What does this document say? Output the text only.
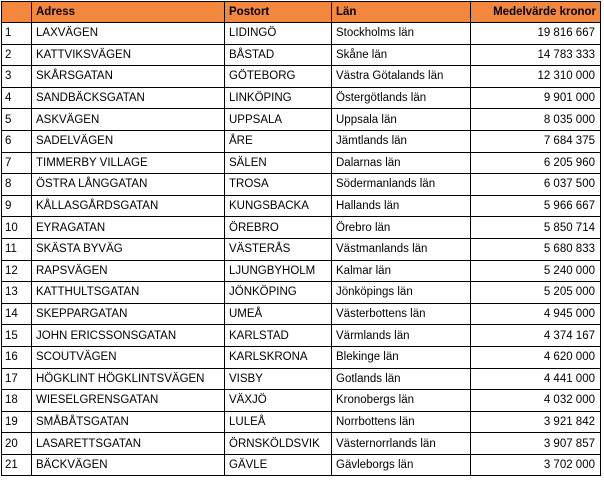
	Adress	Postort	Län	Medelvärde kronor
1	LAXVÄGEN	LIDINGÖ	Stockholms län	19 816 667
2	KATTVIKSVÄGEN	BÅSTAD	Skåne län	14 783 333
3	SKÅRSGATAN	GÖTEBORG	Västra Götalands län	12 310 000
4	SANDBÄCKSGATAN	LINKÖPING	Östergötlands län	9 901 000
5	ASKVÄGEN	UPPSALA	Uppsala län	8 035 000
6	SADELVÄGEN	ÅRE	Jämtlands län	7 684 375
7	TIMMERBY VILLAGE	SÄLEN	Dalarnas län	6 205 960
8	ÖSTRA LÅNGGATAN	TROSA	Södermanlands län	6 037 500
9	KÅLLASGÅRDSGATAN	KUNGSBACKA	Hallands län	5 966 667
10	EYRAGATAN	ÖREBRO	Örebro län	5 850 714
11	SKÄSTA BYVÄG	VÄSTERÅS	Västmanlands län	5 680 833
12	RAPSVÄGEN	LJUNGBYHOLM	Kalmar län	5 240 000
13	KATTHULTSGATAN	JÖNKÖPING	Jönköpings län	5 205 000
14	SKEPPARGATAN	UMEÅ	Västerbottens län	4 945 000
15	JOHN ERICSSONSGATAN	KARLSTAD	Värmlands län	4 374 167
16	SCOUTVÄGEN	KARLSKRONA	Blekinge län	4 620 000
17	HÖGKLINT HÖGKLINTSVÄGEN	VISBY	Gotlands län	4 441 000
18	WIESELGRENSGATAN	VÄXJÖ	Kronobergs län	4 032 000
19	SMÅBÅTSGATAN	LULEÅ	Norrbottens län	3 921 842
20	LASARETTSGATAN	ÖRNSKÖLDSVIK	Västernorrlands län	3 907 857
21	BÄCKVÄGEN	GÄVLE	Gävleborgs län	3 702 000
